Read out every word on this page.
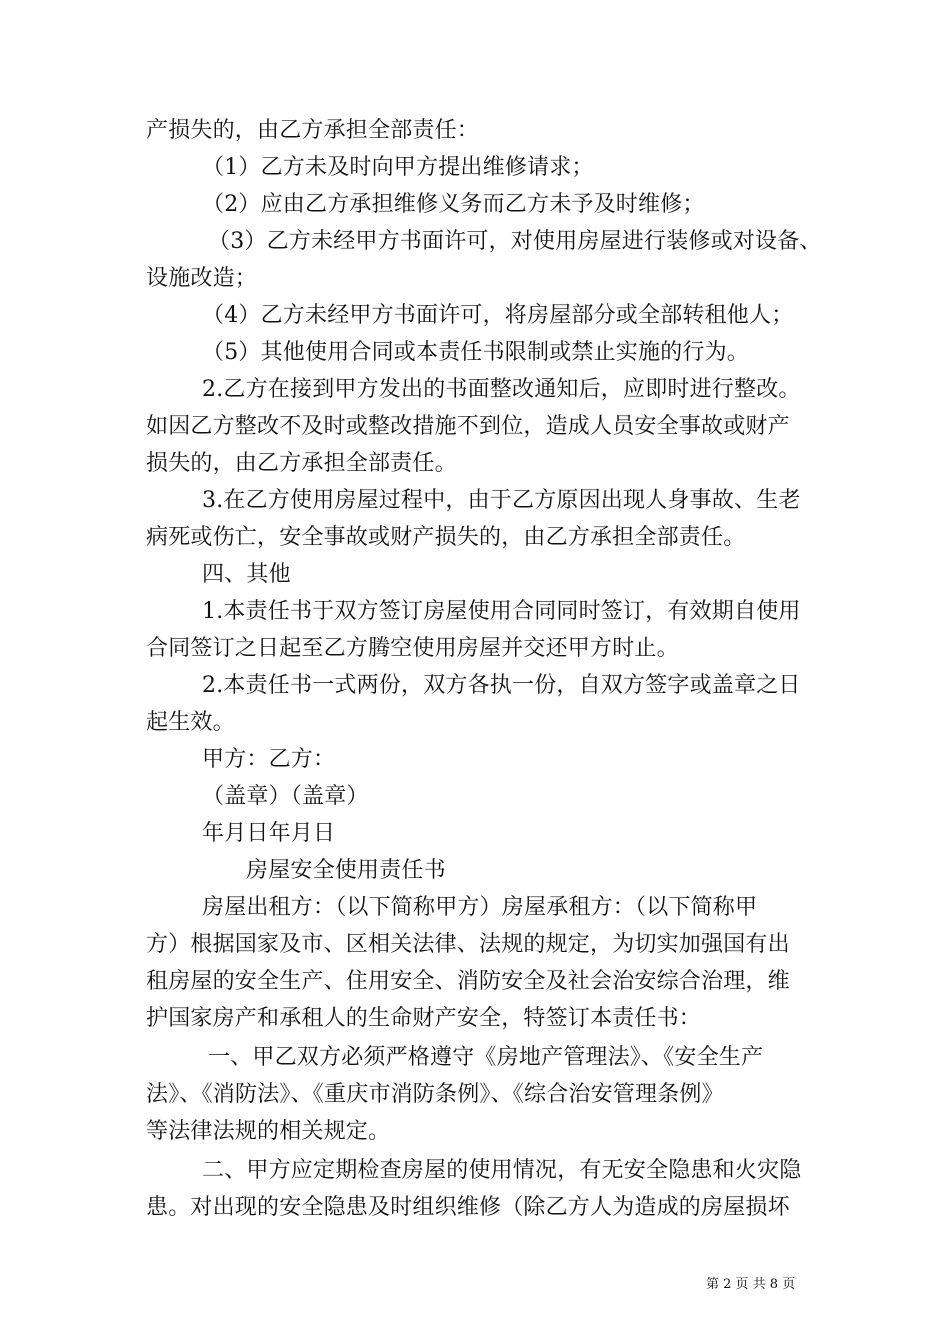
产损失的，由乙方承担全部责任：
（1）乙方未及时向甲方提出维修请求；
（2）应由乙方承担维修义务而乙方未予及时维修；
（3）乙方未经甲方书面许可，对使用房屋进行装修或对设备、
设施改造；
（4）乙方未经甲方书面许可，将房屋部分或全部转租他人；
（5）其他使用合同或本责任书限制或禁止实施的行为。
2.乙方在接到甲方发出的书面整改通知后，应即时进行整改。
如因乙方整改不及时或整改措施不到位，造成人员安全事故或财产
损失的，由乙方承担全部责任。
3.在乙方使用房屋过程中，由于乙方原因出现人身事故、生老
病死或伤亡，安全事故或财产损失的，由乙方承担全部责任。
四、其他
1.本责任书于双方签订房屋使用合同同时签订，有效期自使用
合同签订之日起至乙方腾空使用房屋并交还甲方时止。
2.本责任书一式两份，双方各执一份，自双方签字或盖章之日
起生效。
甲方：乙方：
（盖章）（盖章）
年月日年月日
房屋安全使用责任书
房屋出租方：（以下简称甲方）房屋承租方：（以下简称甲
方）根据国家及市、区相关法律、法规的规定，为切实加强国有出
租房屋的安全生产、住用安全、消防安全及社会治安综合治理，维
护国家房产和承租人的生命财产安全，特签订本责任书：
一、甲乙双方必须严格遵守《房地产管理法》、《安全生产
法》、《消防法》、《重庆市消防条例》、《综合治安管理条例》
等法律法规的相关规定。
二、甲方应定期检查房屋的使用情况，有无安全隐患和火灾隐
患。对出现的安全隐患及时组织维修（除乙方人为造成的房屋损坏
第 2 页 共 8 页
